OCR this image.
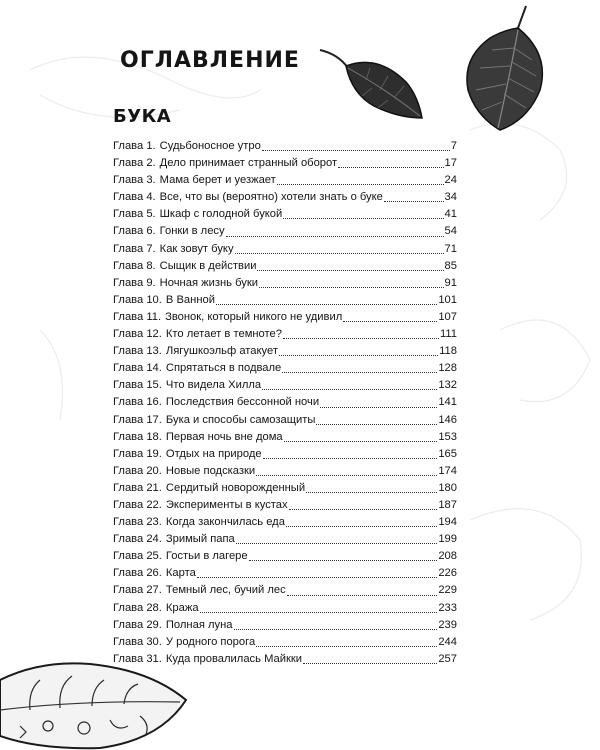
ОГЛАВЛЕНИЕ
БУКА
Глава 1. Судьбоносное утро	7
Глава 2. Дело принимает странный оборот	17
Глава 3. Мама берет и уезжает	24
Глава 4. Все, что вы (вероятно) хотели знать о буке	34
Глава 5. Шкаф с голодной букой	41
Глава 6. Гонки в лесу	54
Глава 7. Как зовут буку	71
Глава 8. Сыщик в действии	85
Глава 9. Ночная жизнь буки	91
Глава 10. В Ванной	101
Глава 11. Звонок, который никого не удивил	107
Глава 12. Кто летает в темноте?	111
Глава 13. Лягушкоэльф атакует	118
Глава 14. Спрятаться в подвале	128
Глава 15. Что видела Хилла	132
Глава 16. Последствия бессонной ночи	141
Глава 17. Бука и способы самозащиты	146
Глава 18. Первая ночь вне дома	153
Глава 19. Отдых на природе	165
Глава 20. Новые подсказки	174
Глава 21. Сердитый новорожденный	180
Глава 22. Эксперименты в кустах	187
Глава 23. Когда закончилась еда	194
Глава 24. Зримый папа	199
Глава 25. Гостьи в лагере	208
Глава 26. Карта	226
Глава 27. Темный лес, бучий лес	229
Глава 28. Кража	233
Глава 29. Полная луна	239
Глава 30. У родного порога	244
Глава 31. Куда провалилась Майкки	257
